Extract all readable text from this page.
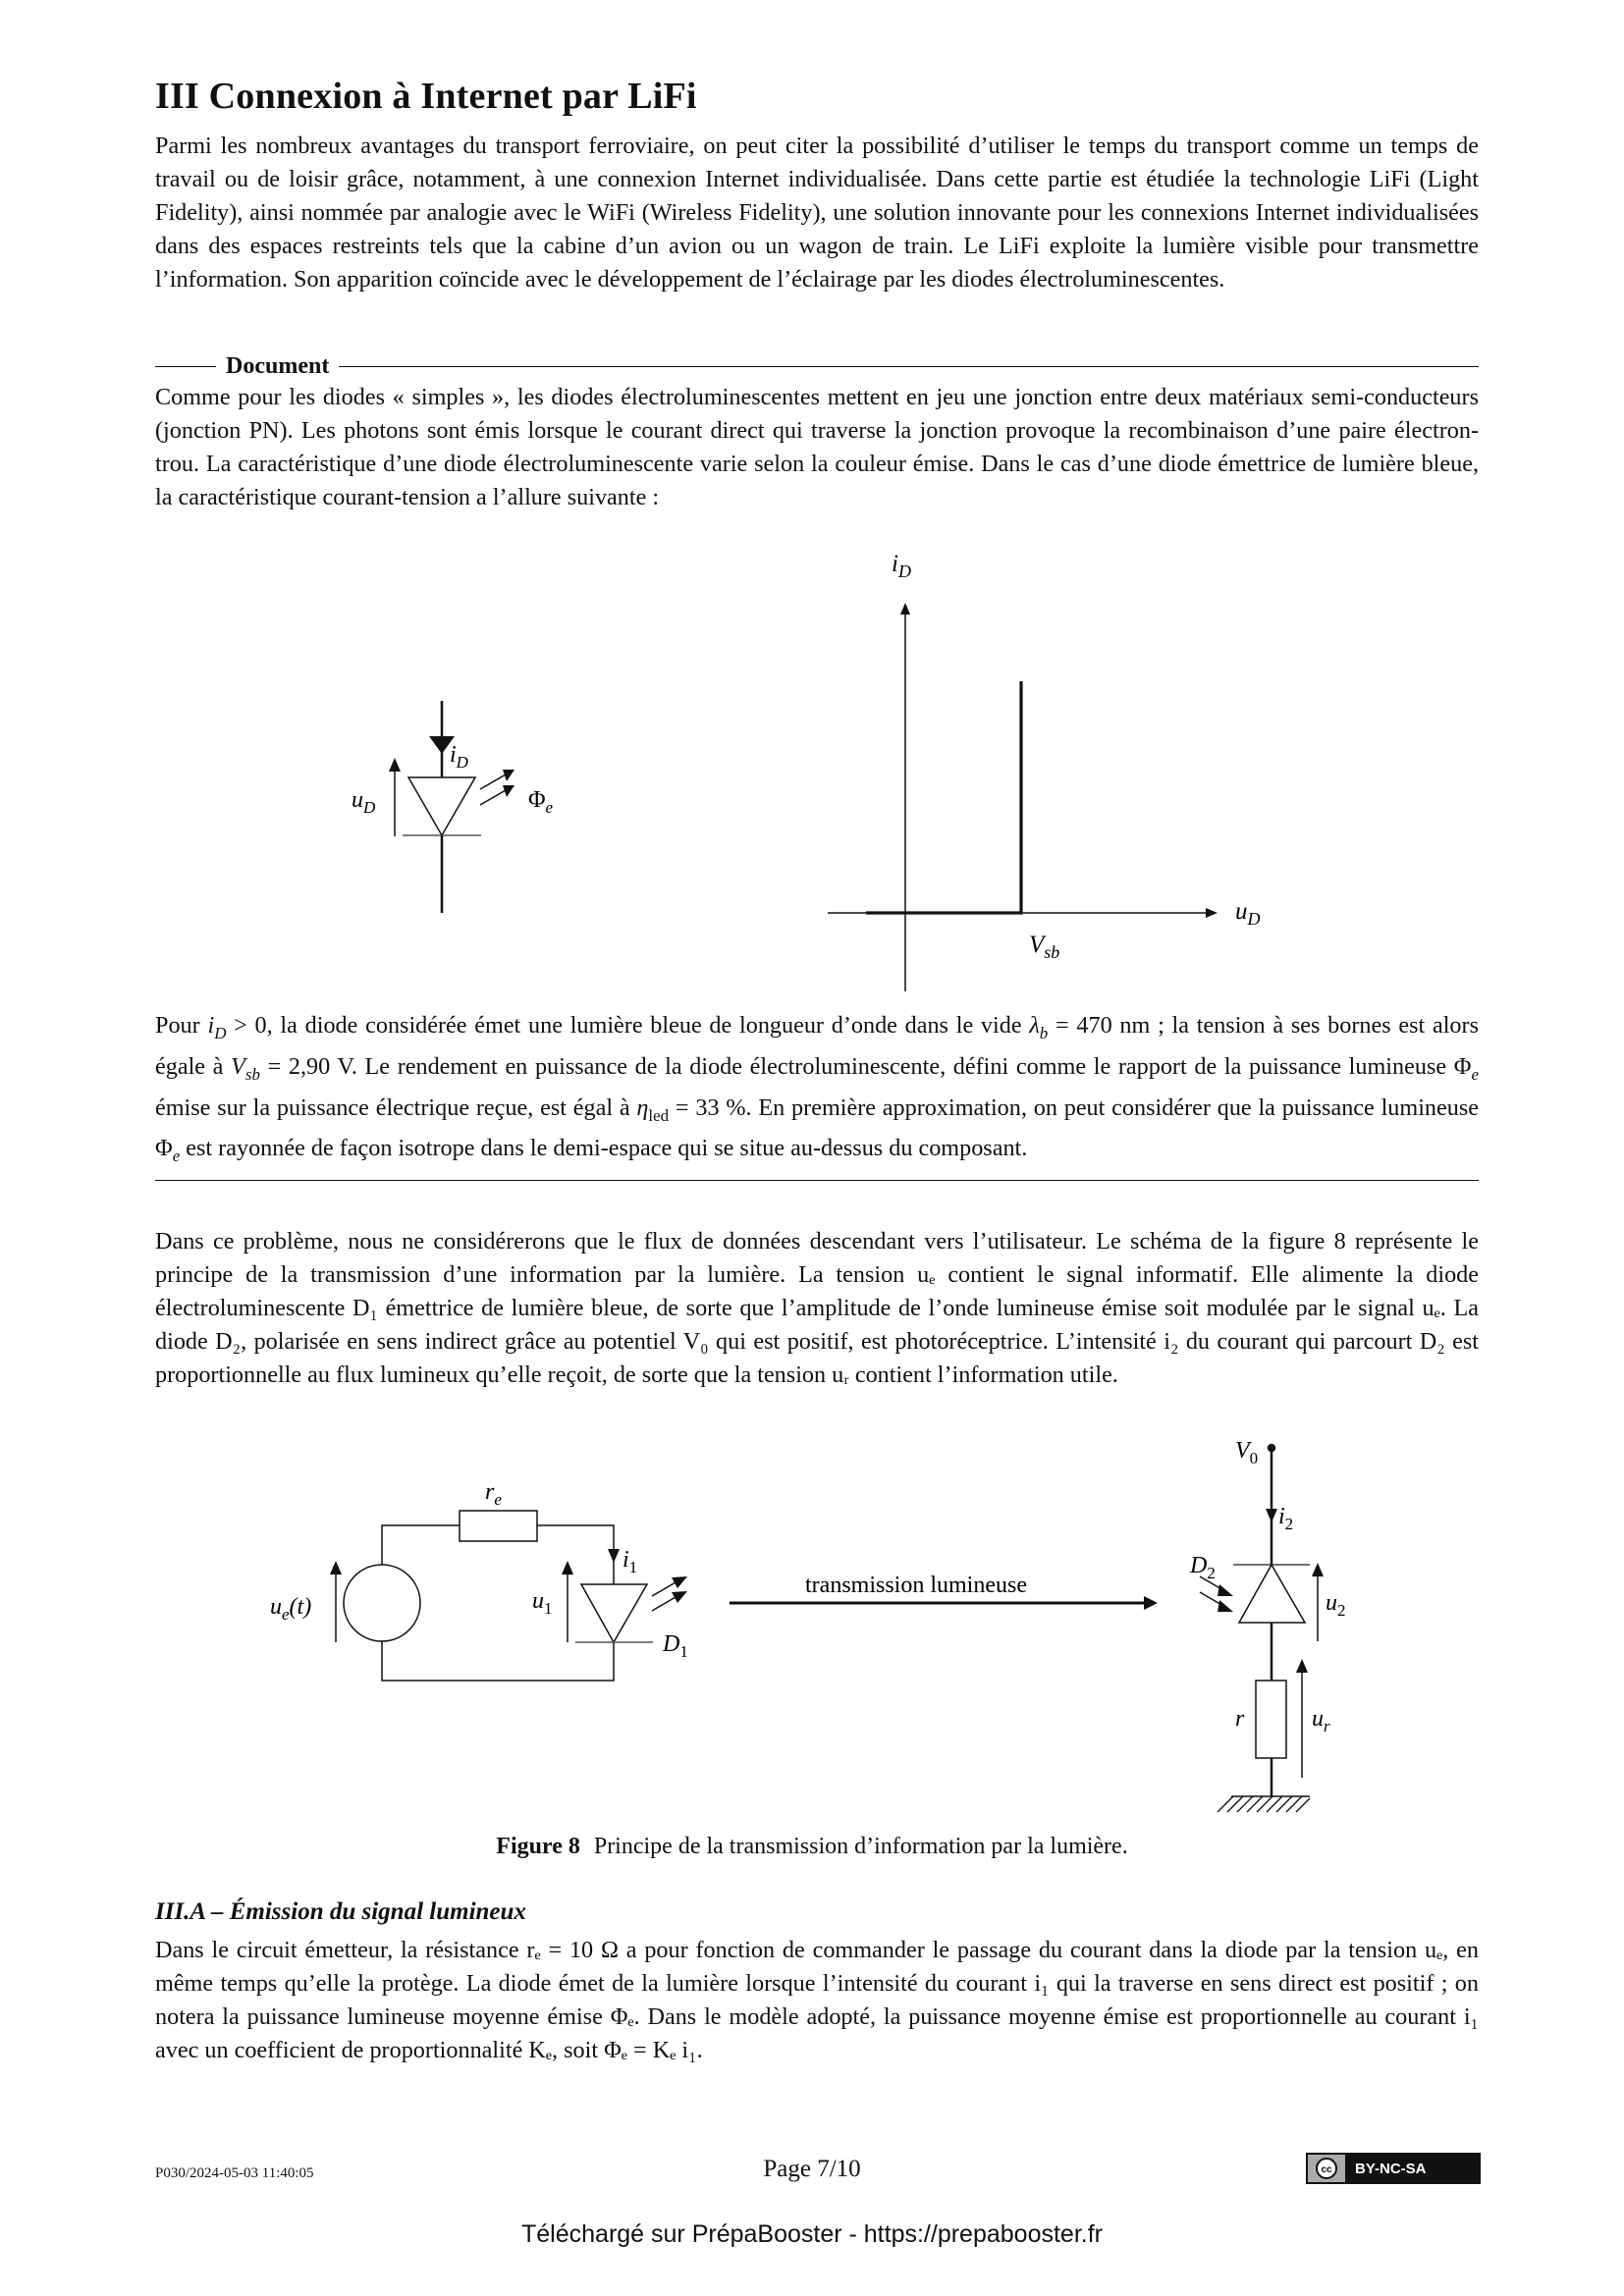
III Connexion à Internet par LiFi

Parmi les nombreux avantages du transport ferroviaire, on peut citer la possibilité d’utiliser le temps du transport comme un temps de travail ou de loisir grâce, notamment, à une connexion Internet individualisée. Dans cette partie est étudiée la technologie LiFi (Light Fidelity), ainsi nommée par analogie avec le WiFi (Wireless Fidelity), une solution innovante pour les connexions Internet individualisées dans des espaces restreints tels que la cabine d’un avion ou un wagon de train. Le LiFi exploite la lumière visible pour transmettre l’information. Son apparition coïncide avec le développement de l’éclairage par les diodes électroluminescentes.

Document

Comme pour les diodes « simples », les diodes électroluminescentes mettent en jeu une jonction entre deux matériaux semi-conducteurs (jonction PN). Les photons sont émis lorsque le courant direct qui traverse la jonction provoque la recombinaison d’une paire électron-trou. La caractéristique d’une diode électroluminescente varie selon la couleur émise. Dans le cas d’une diode émettrice de lumière bleue, la caractéristique courant-tension a l’allure suivante :

$i_D$
$u_D$	$\Phi_e$
$i_D$
$u_D$
$V_{sb}$

Pour $i_D > 0$, la diode considérée émet une lumière bleue de longueur d’onde dans le vide $\lambda_b = 470$ nm ; la tension à ses bornes est alors égale à $V_{sb} = 2,90$ V. Le rendement en puissance de la diode électroluminescente, défini comme le rapport de la puissance lumineuse $\Phi_e$ émise sur la puissance électrique reçue, est égal à $\eta_{led} = 33$ %. En première approximation, on peut considérer que la puissance lumineuse $\Phi_e$ est rayonnée de façon isotrope dans le demi-espace qui se situe au-dessus du composant.

Dans ce problème, nous ne considérerons que le flux de données descendant vers l’utilisateur. Le schéma de la figure 8 représente le principe de la transmission d’une information par la lumière. La tension uₑ contient le signal informatif. Elle alimente la diode électroluminescente D₁ émettrice de lumière bleue, de sorte que l’amplitude de l’onde lumineuse émise soit modulée par le signal uₑ. La diode D₂, polarisée en sens indirect grâce au potentiel V₀ qui est positif, est photoréceptrice. L’intensité i₂ du courant qui parcourt D₂ est proportionnelle au flux lumineux qu’elle reçoit, de sorte que la tension uᵣ contient l’information utile.

$r_e$
$i_1$
$u_e(t)$	$u_1$
$D_1$
transmission lumineuse
$V_0$
$i_2$
$D_2$
$u_2$
r	$u_r$
Figure 8 Principe de la transmission d’information par la lumière.
III.A – Émission du signal lumineux

Dans le circuit émetteur, la résistance rₑ = 10 Ω a pour fonction de commander le passage du courant dans la diode par la tension uₑ, en même temps qu’elle la protège. La diode émet de la lumière lorsque l’intensité du courant i₁ qui la traverse en sens direct est positif ; on notera la puissance lumineuse moyenne émise Φₑ. Dans le modèle adopté, la puissance moyenne émise est proportionnelle au courant i₁ avec un coefficient de proportionnalité Kₑ, soit Φₑ = Kₑ i₁.

P030/2024-05-03 11:40:05	Page 7/10	cc	BY-NC-SA
Téléchargé sur PrépaBooster - https://prepabooster.fr
